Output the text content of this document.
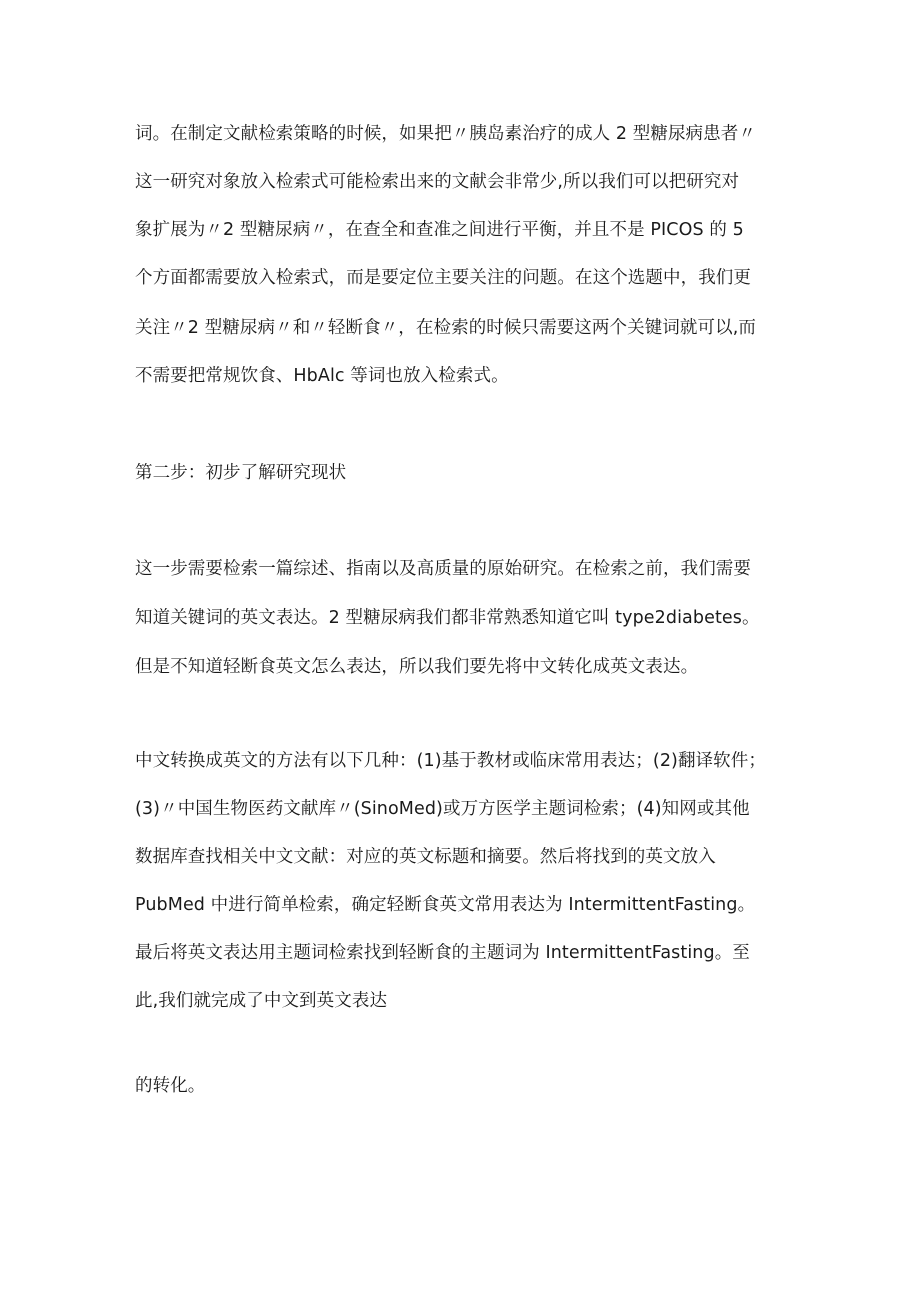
词。在制定文献检索策略的时候，如果把〃胰岛素治疗的成人 2 型糖尿病患者〃
这一研究对象放入检索式可能检索出来的文献会非常少,所以我们可以把研究对
象扩展为〃2 型糖尿病〃，在查全和查准之间进行平衡，并且不是 PICOS 的 5
个方面都需要放入检索式，而是要定位主要关注的问题。在这个选题中，我们更
关注〃2 型糖尿病〃和〃轻断食〃，在检索的时候只需要这两个关键词就可以,而
不需要把常规饮食、HbAlc 等词也放入检索式。
第二步：初步了解研究现状
这一步需要检索一篇综述、指南以及高质量的原始研究。在检索之前，我们需要
知道关键词的英文表达。2 型糖尿病我们都非常熟悉知道它叫 type2diabetes。
但是不知道轻断食英文怎么表达，所以我们要先将中文转化成英文表达。
中文转换成英文的方法有以下几种：(1)基于教材或临床常用表达；(2)翻译软件；
(3)〃中国生物医药文献库〃(SinoMed)或万方医学主题词检索；(4)知网或其他
数据库查找相关中文文献：对应的英文标题和摘要。然后将找到的英文放入
PubMed 中进行简单检索，确定轻断食英文常用表达为 IntermittentFasting。
最后将英文表达用主题词检索找到轻断食的主题词为 IntermittentFasting。至
此,我们就完成了中文到英文表达
的转化。
